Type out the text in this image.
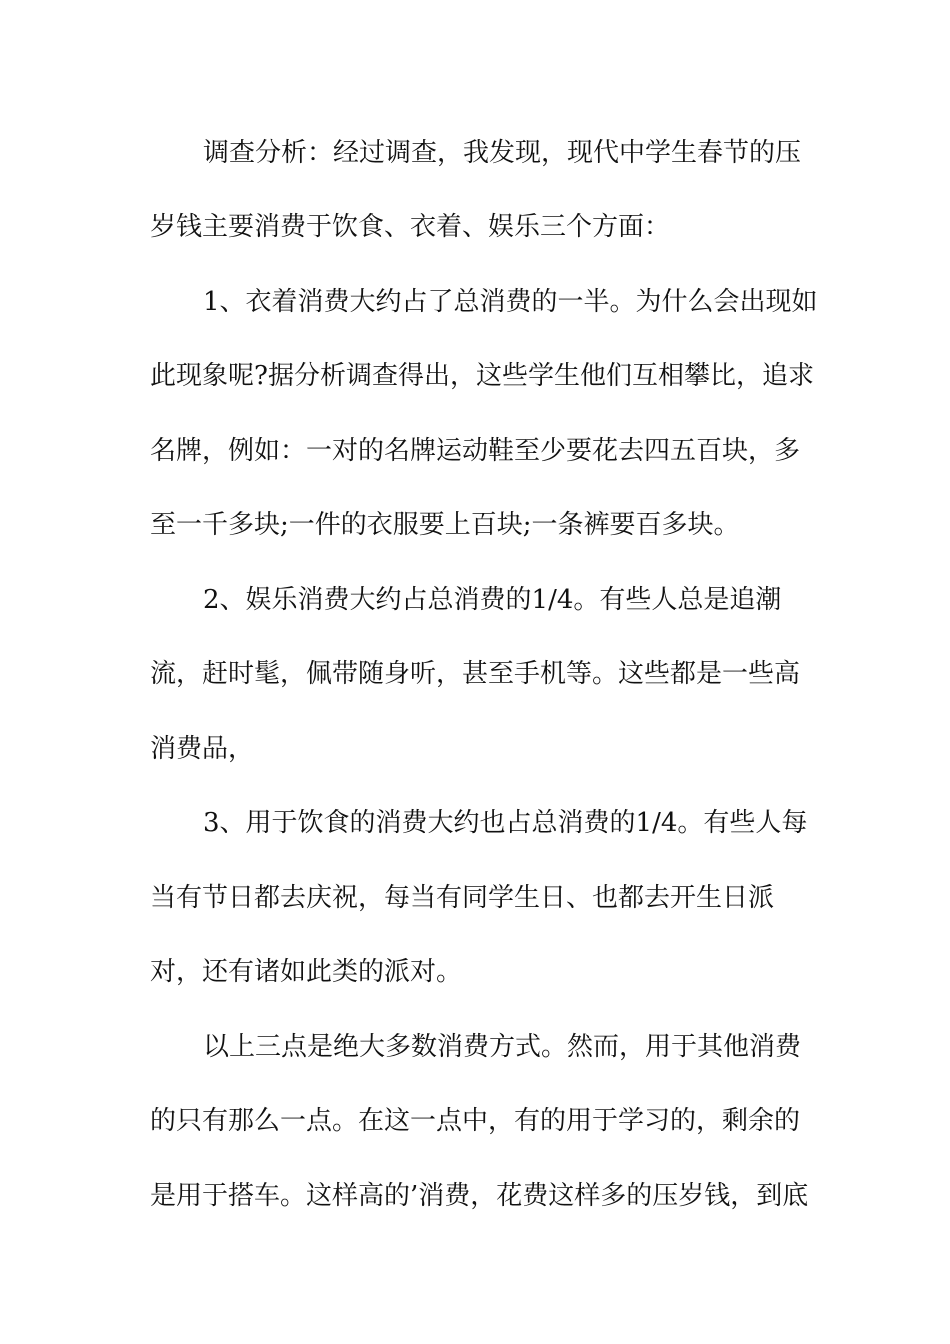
调查分析：经过调查，我发现，现代中学生春节的压
岁钱主要消费于饮食、衣着、娱乐三个方面：
1、衣着消费大约占了总消费的一半。为什么会出现如
此现象呢?据分析调查得出，这些学生他们互相攀比，追求
名牌，例如：一对的名牌运动鞋至少要花去四五百块，多
至一千多块;一件的衣服要上百块;一条裤要百多块。
2、娱乐消费大约占总消费的1/4。有些人总是追潮
流，赶时髦，佩带随身听，甚至手机等。这些都是一些高
消费品，
3、用于饮食的消费大约也占总消费的1/4。有些人每
当有节日都去庆祝，每当有同学生日、也都去开生日派
对，还有诸如此类的派对。
以上三点是绝大多数消费方式。然而，用于其他消费
的只有那么一点。在这一点中，有的用于学习的，剩余的
是用于搭车。这样高的’消费，花费这样多的压岁钱，到底
